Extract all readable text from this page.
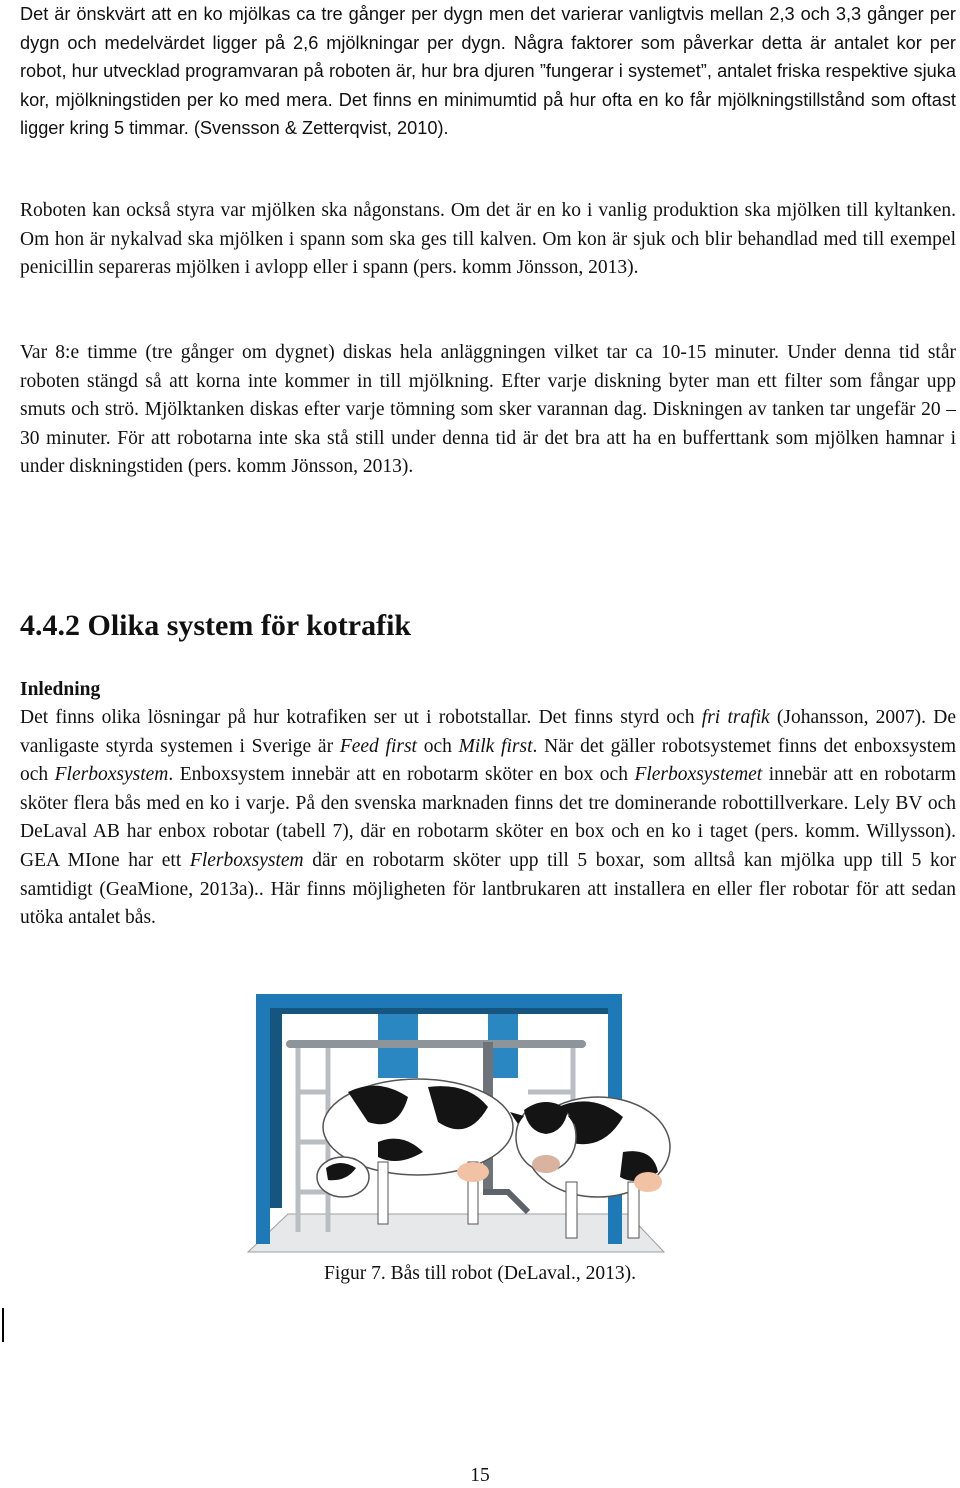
Det är önskvärt att en ko mjölkas ca tre gånger per dygn men det varierar vanligtvis mellan 2,3 och 3,3 gånger per dygn och medelvärdet ligger på 2,6 mjölkningar per dygn. Några faktorer som påverkar detta är antalet kor per robot, hur utvecklad programvaran på roboten är, hur bra djuren ”fungerar i systemet”, antalet friska respektive sjuka kor, mjölkningstiden per ko med mera. Det finns en minimumtid på hur ofta en ko får mjölkningstillstånd som oftast ligger kring 5 timmar. (Svensson & Zetterqvist, 2010).

Roboten kan också styra var mjölken ska någonstans. Om det är en ko i vanlig produktion ska mjölken till kyltanken. Om hon är nykalvad ska mjölken i spann som ska ges till kalven. Om kon är sjuk och blir behandlad med till exempel penicillin separeras mjölken i avlopp eller i spann (pers. komm Jönsson, 2013).

Var 8:e timme (tre gånger om dygnet) diskas hela anläggningen vilket tar ca 10-15 minuter. Under denna tid står roboten stängd så att korna inte kommer in till mjölkning. Efter varje diskning byter man ett filter som fångar upp smuts och strö. Mjölktanken diskas efter varje tömning som sker varannan dag. Diskningen av tanken tar ungefär 20 – 30 minuter. För att robotarna inte ska stå still under denna tid är det bra att ha en bufferttank som mjölken hamnar i under diskningstiden (pers. komm Jönsson, 2013).

4.4.2 Olika system för kotrafik
Inledning

Det finns olika lösningar på hur kotrafiken ser ut i robotstallar. Det finns styrd och fri trafik (Johansson, 2007). De vanligaste styrda systemen i Sverige är Feed first och Milk first. När det gäller robotsystemet finns det enboxsystem och Flerboxsystem. Enboxsystem innebär att en robotarm sköter en box och Flerboxsystemet innebär att en robotarm sköter flera bås med en ko i varje. På den svenska marknaden finns det tre dominerande robottillverkare. Lely BV och DeLaval AB har enbox robotar (tabell 7), där en robotarm sköter en box och en ko i taget (pers. komm. Willysson). GEA MIone har ett Flerboxsystem där en robotarm sköter upp till 5 boxar, som alltså kan mjölka upp till 5 kor samtidigt (GeaMione, 2013a).. Här finns möjligheten för lantbrukaren att installera en eller fler robotar för att sedan utöka antalet bås.

Figur 7. Bås till robot (DeLaval., 2013).
15
